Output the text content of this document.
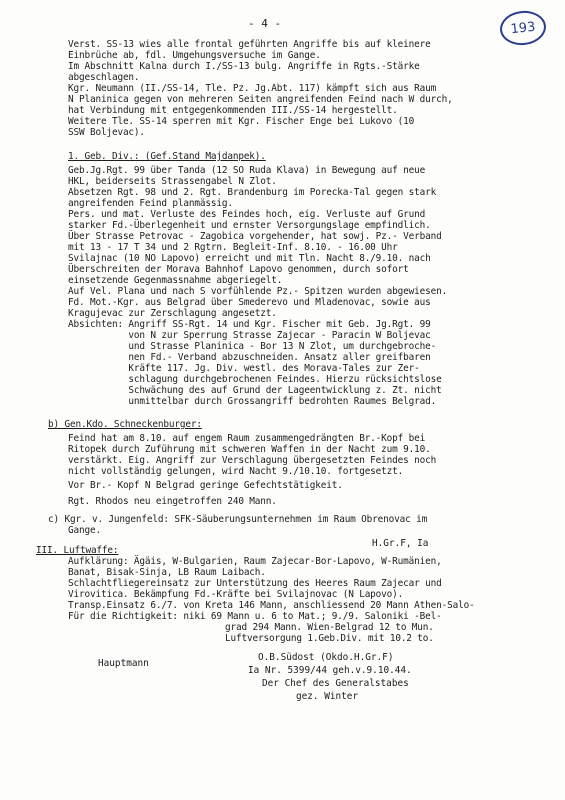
- 4 -	193
Verst. SS-13 wies alle frontal geführten Angriffe bis auf kleinere
Einbrüche ab, fdl. Umgehungsversuche im Gange.
Im Abschnitt Kalna durch I./SS-13 bulg. Angriffe in Rgts.-Stärke
abgeschlagen.
Kgr. Neumann (II./SS-14, Tle. Pz. Jg.Abt. 117) kämpft sich aus Raum
N Planinica gegen von mehreren Seiten angreifenden Feind nach W durch,
hat Verbindung mit entgegenkommenden III./SS-14 hergestellt.
Weitere Tle. SS-14 sperren mit Kgr. Fischer Enge bei Lukovo (10
SSW Boljevac).
1. Geb. Div.: (Gef.Stand Majdanpek).
Geb.Jg.Rgt. 99 über Tanda (12 SO Ruda Klava) in Bewegung auf neue
HKL, beiderseits Strassengabel N Zlot.
Absetzen Rgt. 98 und 2. Rgt. Brandenburg im Porecka-Tal gegen stark
angreifenden Feind planmässig.
Pers. und mat. Verluste des Feindes hoch, eig. Verluste auf Grund
starker Fd.-Überlegenheit und ernster Versorgungslage empfindlich.
Über Strasse Petrovac - Zagobica vorgehender, hat sowj. Pz.- Verband
mit 13 - 17 T 34 und 2 Rgtrn. Begleit-Inf. 8.10. - 16.00 Uhr
Svilajnac (10 NO Lapovo) erreicht und mit Tln. Nacht 8./9.10. nach
Überschreiten der Morava Bahnhof Lapovo genommen, durch sofort
einsetzende Gegenmassnahme abgeriegelt.
Auf Vel. Plana und nach S vorfühlende Pz.- Spitzen wurden abgewiesen.
Fd. Mot.-Kgr. aus Belgrad über Smederevo und Mladenovac, sowie aus
Kragujevac zur Zerschlagung angesetzt.
Absichten: Angriff SS-Rgt. 14 und Kgr. Fischer mit Geb. Jg.Rgt. 99
von N zur Sperrung Strasse Zajecar - Paracin W Boljevac
und Strasse Planinica - Bor 13 N Zlot, um durchgebroche-
nen Fd.- Verband abzuschneiden. Ansatz aller greifbaren
Kräfte 117. Jg. Div. westl. des Morava-Tales zur Zer-
schlagung durchgebrochenen Feindes. Hierzu rücksichtslose
Schwächung des auf Grund der Lageentwicklung z. Zt. nicht
unmittelbar durch Grossangriff bedrohten Raumes Belgrad.
b) Gen.Kdo. Schneckenburger:
Feind hat am 8.10. auf engem Raum zusammengedrängten Br.-Kopf bei
Ritopek durch Zuführung mit schweren Waffen in der Nacht zum 9.10.
verstärkt. Eig. Angriff zur Verschlagung übergesetzten Feindes noch
nicht vollständig gelungen, wird Nacht 9./10.10. fortgesetzt.
Vor Br.- Kopf N Belgrad geringe Gefechtstätigkeit.
Rgt. Rhodos neu eingetroffen 240 Mann.
c) Kgr. v. Jungenfeld: SFK-Säuberungsunternehmen im Raum Obrenovac im
Gange.
III. Luftwaffe:
Aufklärung: Ägäis, W-Bulgarien, Raum Zajecar-Bor-Lapovo, W-Rumänien,
Banat, Bisak-Sinja, LB Raum Laibach.
Schlachtfliegereinsatz zur Unterstützung des Heeres Raum Zajecar und
Virovitica. Bekämpfung Fd.-Kräfte bei Svilajnovac (N Lapovo).
Transp.Einsatz 6./7. von Kreta 146 Mann, anschliessend 20 Mann Athen-Salo-
Für die Richtigkeit: niki 69 Mann u. 6 to Mat.; 9./9. Saloniki -Bel-
grad 294 Mann. Wien-Belgrad 12 to Mun.
Luftversorgung 1.Geb.Div. mit 10.2 to.
H.Gr.F, Ia
Hauptmann
O.B.Südost (Okdo.H.Gr.F)
Ia Nr. 5399/44 geh.v.9.10.44.
Der Chef des Generalstabes
gez. Winter
